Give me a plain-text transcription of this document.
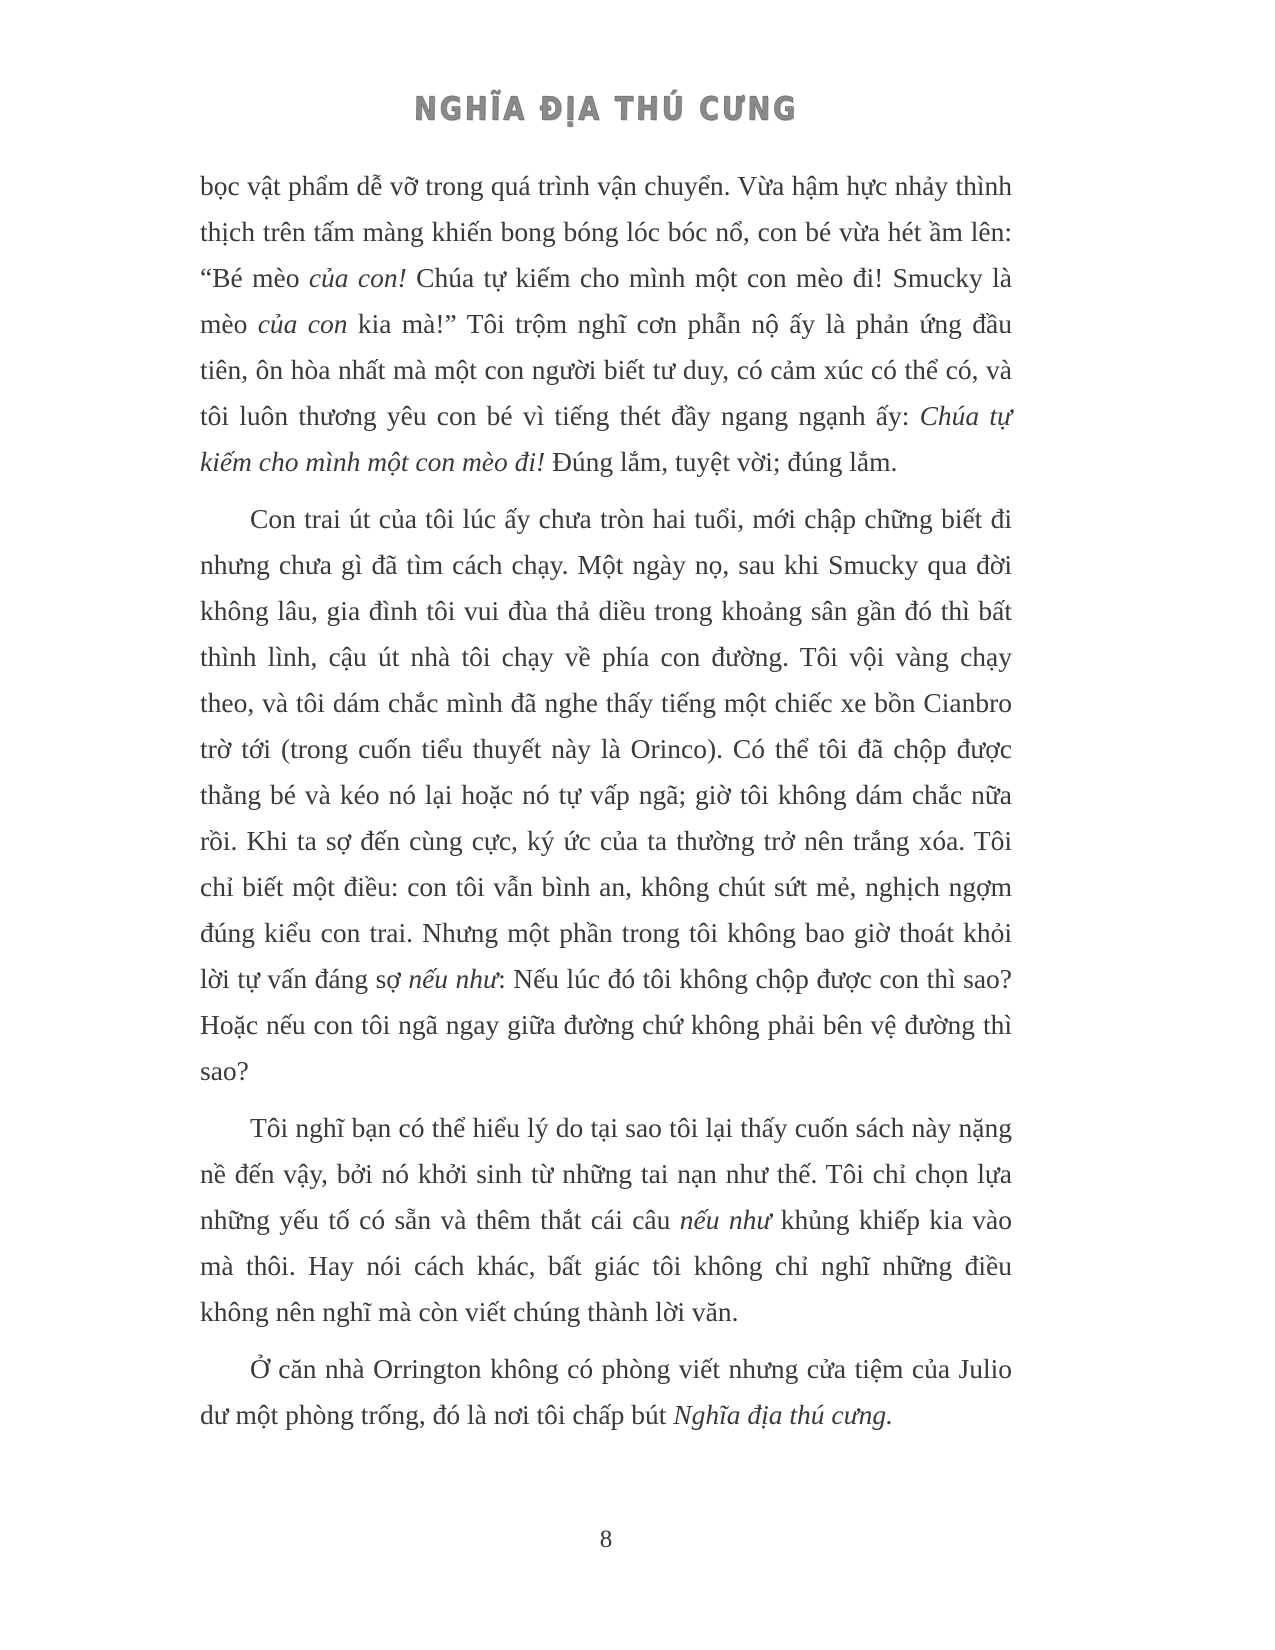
NGHĨA ĐỊA THÚ CƯNG

bọc vật phẩm dễ vỡ trong quá trình vận chuyển. Vừa hậm hực nhảy thình thịch trên tấm màng khiến bong bóng lóc bóc nổ, con bé vừa hét ầm lên: “Bé mèo của con! Chúa tự kiếm cho mình một con mèo đi! Smucky là mèo của con kia mà!” Tôi trộm nghĩ cơn phẫn nộ ấy là phản ứng đầu tiên, ôn hòa nhất mà một con người biết tư duy, có cảm xúc có thể có, và tôi luôn thương yêu con bé vì tiếng thét đầy ngang ngạnh ấy: Chúa tự kiếm cho mình một con mèo đi! Đúng lắm, tuyệt vời; đúng lắm.

Con trai út của tôi lúc ấy chưa tròn hai tuổi, mới chập chững biết đi nhưng chưa gì đã tìm cách chạy. Một ngày nọ, sau khi Smucky qua đời không lâu, gia đình tôi vui đùa thả diều trong khoảng sân gần đó thì bất thình lình, cậu út nhà tôi chạy về phía con đường. Tôi vội vàng chạy theo, và tôi dám chắc mình đã nghe thấy tiếng một chiếc xe bồn Cianbro trờ tới (trong cuốn tiểu thuyết này là Orinco). Có thể tôi đã chộp được thằng bé và kéo nó lại hoặc nó tự vấp ngã; giờ tôi không dám chắc nữa rồi. Khi ta sợ đến cùng cực, ký ức của ta thường trở nên trắng xóa. Tôi chỉ biết một điều: con tôi vẫn bình an, không chút sứt mẻ, nghịch ngợm đúng kiểu con trai. Nhưng một phần trong tôi không bao giờ thoát khỏi lời tự vấn đáng sợ nếu như: Nếu lúc đó tôi không chộp được con thì sao? Hoặc nếu con tôi ngã ngay giữa đường chứ không phải bên vệ đường thì sao?

Tôi nghĩ bạn có thể hiểu lý do tại sao tôi lại thấy cuốn sách này nặng nề đến vậy, bởi nó khởi sinh từ những tai nạn như thế. Tôi chỉ chọn lựa những yếu tố có sẵn và thêm thắt cái câu nếu như khủng khiếp kia vào mà thôi. Hay nói cách khác, bất giác tôi không chỉ nghĩ những điều không nên nghĩ mà còn viết chúng thành lời văn.

Ở căn nhà Orrington không có phòng viết nhưng cửa tiệm của Julio dư một phòng trống, đó là nơi tôi chấp bút Nghĩa địa thú cưng.

8
